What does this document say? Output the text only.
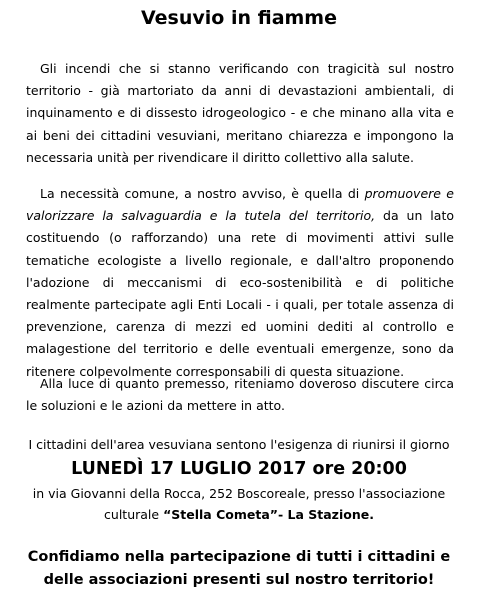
Vesuvio in fiamme

Gli incendi che si stanno verificando con tragicità sul nostro territorio - già martoriato da anni di devastazioni ambientali, di inquinamento e di dissesto idrogeologico - e che minano alla vita e ai beni dei cittadini vesuviani, meritano chiarezza e impongono la necessaria unità per rivendicare il diritto collettivo alla salute.

La necessità comune, a nostro avviso, è quella di promuovere e valorizzare la salvaguardia e la tutela del territorio, da un lato costituendo (o rafforzando) una rete di movimenti attivi sulle tematiche ecologiste a livello regionale, e dall'altro proponendo l'adozione di meccanismi di eco-sostenibilità e di politiche realmente partecipate agli Enti Locali - i quali, per totale assenza di prevenzione, carenza di mezzi ed uomini dediti al controllo e malagestione del territorio e delle eventuali emergenze, sono da ritenere colpevolmente corresponsabili di questa situazione.

Alla luce di quanto premesso, riteniamo doveroso discutere circa le soluzioni e le azioni da mettere in atto.

I cittadini dell'area vesuviana sentono l'esigenza di riunirsi il giorno
LUNEDÌ 17 LUGLIO 2017 ore 20:00
in via Giovanni della Rocca, 252 Boscoreale, presso l'associazione
culturale “Stella Cometa”- La Stazione.
Confidiamo nella partecipazione di tutti i cittadini e
delle associazioni presenti sul nostro territorio!
